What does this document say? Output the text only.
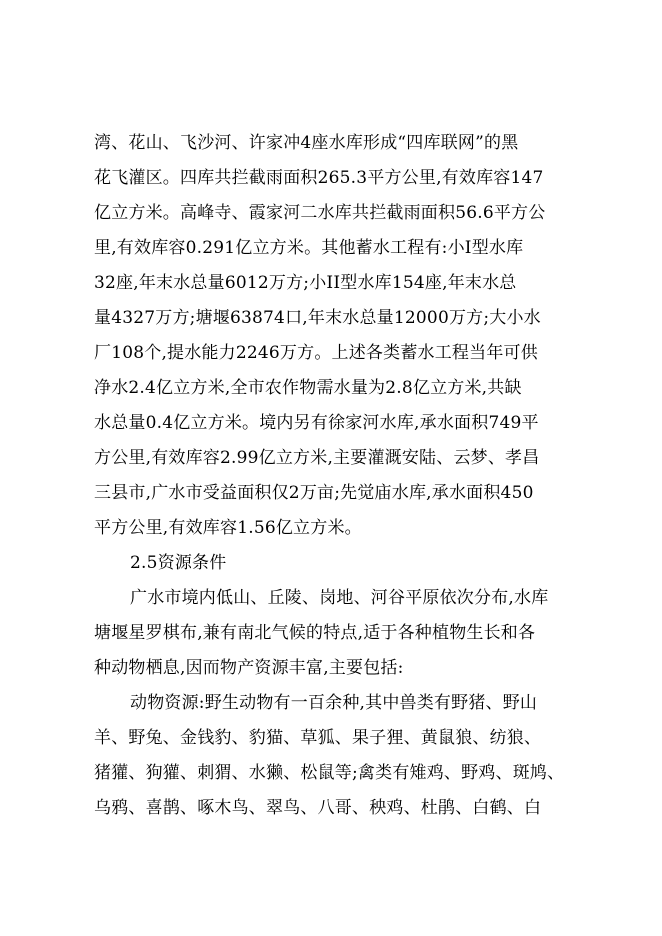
湾、花山、飞沙河、许家冲4座水库形成“四库联网”的黑
花飞灌区。四库共拦截雨面积265.3平方公里,有效库容147
亿立方米。高峰寺、霞家河二水库共拦截雨面积56.6平方公
里,有效库容0.291亿立方米。其他蓄水工程有:小I型水库
32座,年末水总量6012万方;小II型水库154座,年末水总
量4327万方;塘堰63874口,年末水总量12000万方;大小水
厂108个,提水能力2246万方。上述各类蓄水工程当年可供
净水2.4亿立方米,全市农作物需水量为2.8亿立方米,共缺
水总量0.4亿立方米。境内另有徐家河水库,承水面积749平
方公里,有效库容2.99亿立方米,主要灌溉安陆、云梦、孝昌
三县市,广水市受益面积仅2万亩;先觉庙水库,承水面积450
平方公里,有效库容1.56亿立方米。
2.5资源条件
广水市境内低山、丘陵、岗地、河谷平原依次分布,水库
塘堰星罗棋布,兼有南北气候的特点,适于各种植物生长和各
种动物栖息,因而物产资源丰富,主要包括:
动物资源:野生动物有一百余种,其中兽类有野猪、野山
羊、野兔、金钱豹、豹猫、草狐、果子狸、黄鼠狼、纺狼、
猪獾、狗獾、刺猬、水獭、松鼠等;禽类有雉鸡、野鸡、斑鸠、
乌鸦、喜鹊、啄木鸟、翠鸟、八哥、秧鸡、杜鹃、白鹤、白
